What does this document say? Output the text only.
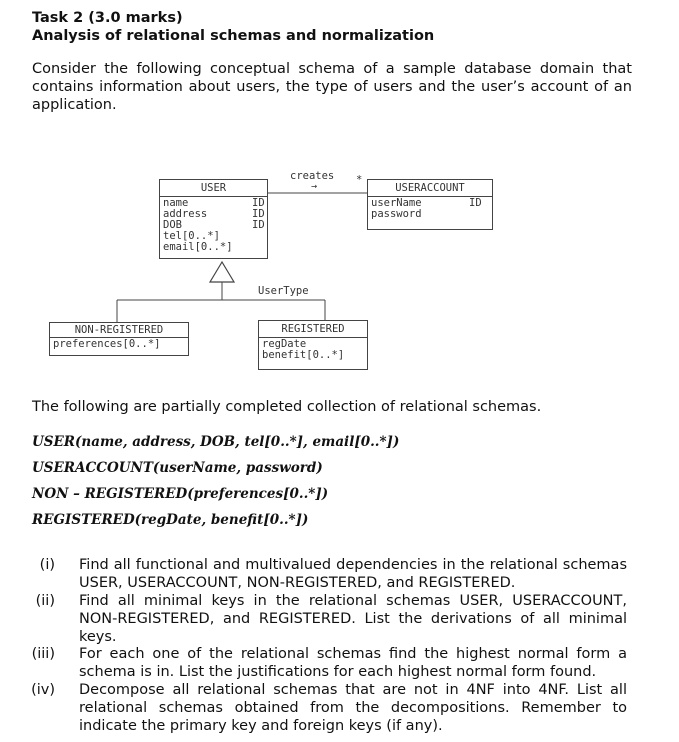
Task 2 (3.0 marks)
Analysis of relational schemas and normalization
Consider the following conceptual schema of a sample database domain that contains information about users, the type of users and the user’s account of an application.
creates
→
*
UserType
USER
name
address
DOB
tel[0..*]
email[0..*]
ID
ID
ID
USERACCOUNT
userName
password
ID
NON-REGISTERED
preferences[0..*]
REGISTERED
regDate
benefit[0..*]
The following are partially completed collection of relational schemas.
USER(name, address, DOB, tel[0..*], email[0..*])
USERACCOUNT(userName, password)
NON – REGISTERED(preferences[0..*])
REGISTERED(regDate, benefit[0..*])
(i) Find all functional and multivalued dependencies in the relational schemas USER, USERACCOUNT, NON-REGISTERED, and REGISTERED.
(ii) Find all minimal keys in the relational schemas USER, USERACCOUNT, NON-REGISTERED, and REGISTERED. List the derivations of all minimal keys.
(iii) For each one of the relational schemas find the highest normal form a schema is in. List the justifications for each highest normal form found.
(iv) Decompose all relational schemas that are not in 4NF into 4NF. List all relational schemas obtained from the decompositions. Remember to indicate the primary key and foreign keys (if any).
